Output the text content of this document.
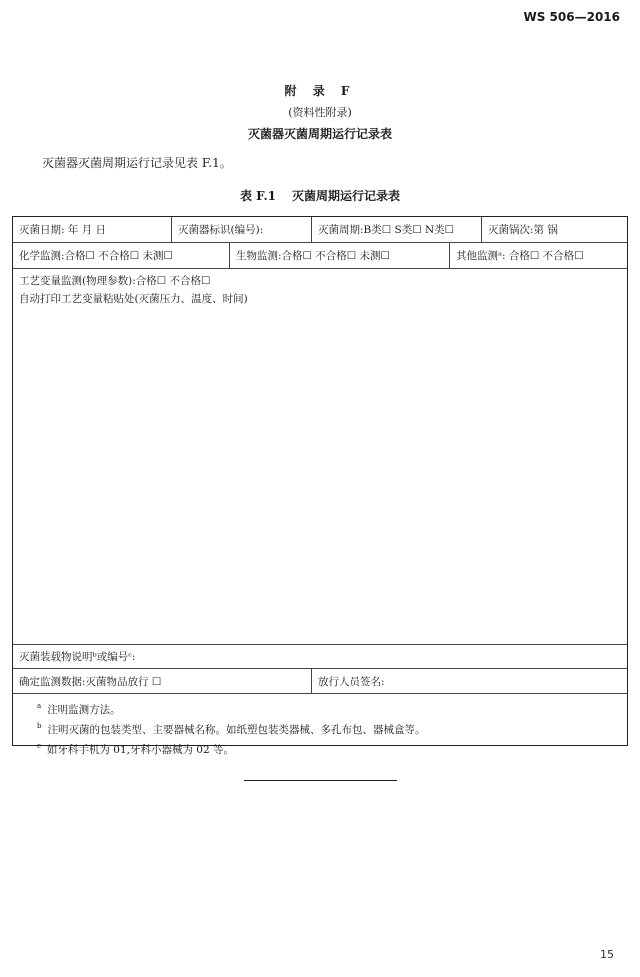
WS 506—2016
附 录 F
(资料性附录)
灭菌器灭菌周期运行记录表
灭菌器灭菌周期运行记录见表 F.1。
表 F.1 灭菌周期运行记录表
灭菌日期: 年 月 日	灭菌器标识(编号):	灭菌周期:B类☐ S类☐ N类☐	灭菌锅次:第 锅
化学监测:合格☐ 不合格☐ 未测☐	生物监测:合格☐ 不合格☐ 未测☐	其他监测ᵃ: 合格☐ 不合格☐
工艺变量监测(物理参数):合格☐ 不合格☐
自动打印工艺变量粘贴处(灭菌压力、温度、时间)
灭菌装载物说明ᵇ或编号ᶜ:
确定监测数据:灭菌物品放行 ☐	放行人员签名:
$^a$ 注明监测方法。
$^b$ 注明灭菌的包装类型、主要器械名称。如纸塑包装类器械、多孔布包、器械盒等。
$^c$ 如牙科手机为 01,牙科小器械为 02 等。
15
